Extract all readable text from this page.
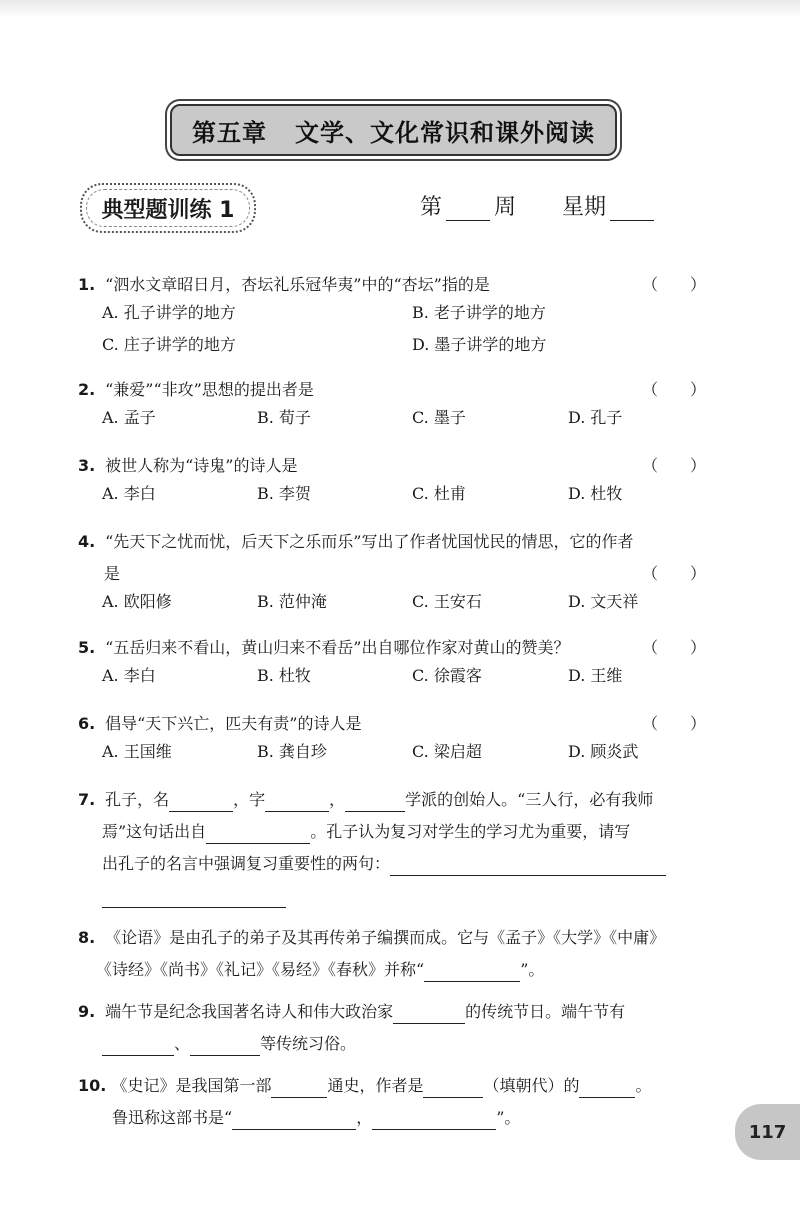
第五章 文学、文化常识和课外阅读
典型题训练 1	第 周 星期
1. “泗水文章昭日月，杏坛礼乐冠华夷”中的“杏坛”指的是	（　　）
A. 孔子讲学的地方	B. 老子讲学的地方
C. 庄子讲学的地方	D. 墨子讲学的地方
2. “兼爱”“非攻”思想的提出者是	（　　）
A. 孟子	B. 荀子	C. 墨子	D. 孔子
3. 被世人称为“诗鬼”的诗人是	（　　）
A. 李白	B. 李贺	C. 杜甫	D. 杜牧
4. “先天下之忧而忧，后天下之乐而乐”写出了作者忧国忧民的情思，它的作者
是	（　　）
A. 欧阳修	B. 范仲淹	C. 王安石	D. 文天祥
5. “五岳归来不看山，黄山归来不看岳”出自哪位作家对黄山的赞美？	（　　）
A. 李白	B. 杜牧	C. 徐霞客	D. 王维
6. 倡导“天下兴亡，匹夫有责”的诗人是	（　　）
A. 王国维	B. 龚自珍	C. 梁启超	D. 顾炎武
7. 孔子，名	，字	，	学派的创始人。“三人行，必有我师
焉”这句话出自	。孔子认为复习对学生的学习尤为重要，请写
出孔子的名言中强调复习重要性的两句：
8. 《论语》是由孔子的弟子及其再传弟子编撰而成。它与《孟子》《大学》《中庸》
《诗经》《尚书》《礼记》《易经》《春秋》并称“	”。
9. 端午节是纪念我国著名诗人和伟大政治家	的传统节日。端午节有
、	等传统习俗。
10. 《史记》是我国第一部	通史，作者是	（填朝代）的	。
鲁迅称这部书是“	，	”。
117
